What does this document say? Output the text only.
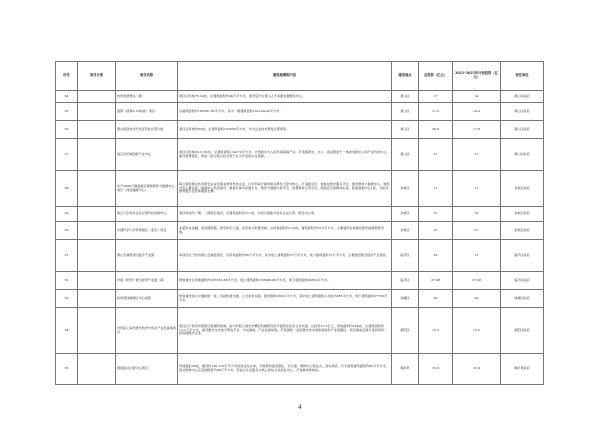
序号	项目分类	项目名称	建设规模和内容	建设地点	总投资（亿元）	2021-2025年计划投资（亿元）	责任单位
24		杭州湾智慧谷二期	项目总用地76.19亩，总建筑面积约46万平方米，建设后作为萧山人才家园发展孵化中心。	萧山区	17	14	萧山区政府
25		盈都（滨保2-15地块）项目	总建筑面积约186381.65平方米，其中一期建筑面积102144.92平方米。	萧山区	11.2	14.2	萧山区政府
26		萧山经济技术开发区科技总部大楼	项目总用地约83亩，总建筑面积183000平方米，作为企业技术研发总部使用。	萧山区	26.8	17.8	萧山区政府
27		钱江世纪城创新产业中心	项目总用地23.1165亩，总建筑面积134176平方米，计划新华为入驻环保高端产业。打造集研发、办公、商业配套于一体的创新中心和产业科技中心，建设智慧园区，形成一批以新兴技术型产业为代表的企业集群。	萧山区	21	21	萧山区政府
28		华产2000万基础数字智联教育大数据中心项目（西溪旅游中心）	联合省级相关技术研发企业及相关教育科技企业，以中科院计算所相关研发力量为核心，打造数字化、智能化教学服务平台，建设教育大数据中心。建设内容主要包括：数据中心机房建设、数据计算与存储平台、教育大数据分析平台、智慧教育应用平台、网络安全保障体系等，新建数据中心1座，为杭州教育数字化改革提供支撑。	余杭区	11	11	余杭区政府
29		浙江大学校友企业总部科技创新中心	项目用地约一期，二期项目建设，总建筑面积约311亩，计划引进浙大校友企业总部、研发中心等。	余杭区	57	52	余杭区政府
30		中国科学大学科研园区（北区）项目	北起科技金融，南至国防路，西至和乐大道，东至电力附属设施。总用地面积约116亩，建筑面积约52万平方米，主要建设实验楼及教学楼等配套设施。	余杭区	27	27	余杭区政府
31		萧山空港经济区数字产业园	本项目位于杭州萧山空港经济区，总用地面积约45万平方米，其中地上建筑面积37万平方米，地下建筑面积13万平方米，主要建设数字经济产业园区。	临平区	23	13	临平区政府
32		中国（杭州）数字经济产业园二期	规划建设总用地面积约263563.66平方米，地上建筑面积163998.66平方米，地下建筑面积99654平方米。	临平区	27.98	27.98	临平区政府
33		杭州湾钱塘新区中心枢纽	规划建设综合交通枢纽一座，包括轨道交通、公交首末站等，建设面积93621平方米，其中地上建筑面积1-3层25885平方米，地下建筑面积67736平方米。	钱塘区	20	20	钱塘区政府
34		中科院上海光机所杭州分所及产业化基地项目	项目位于杭州市富阳区银湖科技城，由中科院上海光学精密机械研究所与富阳区政府合作共建，总投资15.5亿元，用地面积约166亩，总建筑面积约12.5万平方米，建设激光与光电子研发平台、中试基地、产业化基地等，打造国际一流的激光技术创新高地和产业集聚区。项目建成后将引进和培育一批高端激光企业。	富阳区	15.5	13.5	富阳区政府
35		国通商业运营中心项目	用地面积38亩，建设约140-150万平方米的商业综合体，分别规划建设酒店、写字楼、购物中心等业态，其中酒店、写字楼等建筑面积约80万平方米，商业购物中心及其他配套约60万平方米，形成以生活服务为核心的综合性商业中心，打造城市新地标。	桐庐县	16.9	16.9	桐庐县政府
4
